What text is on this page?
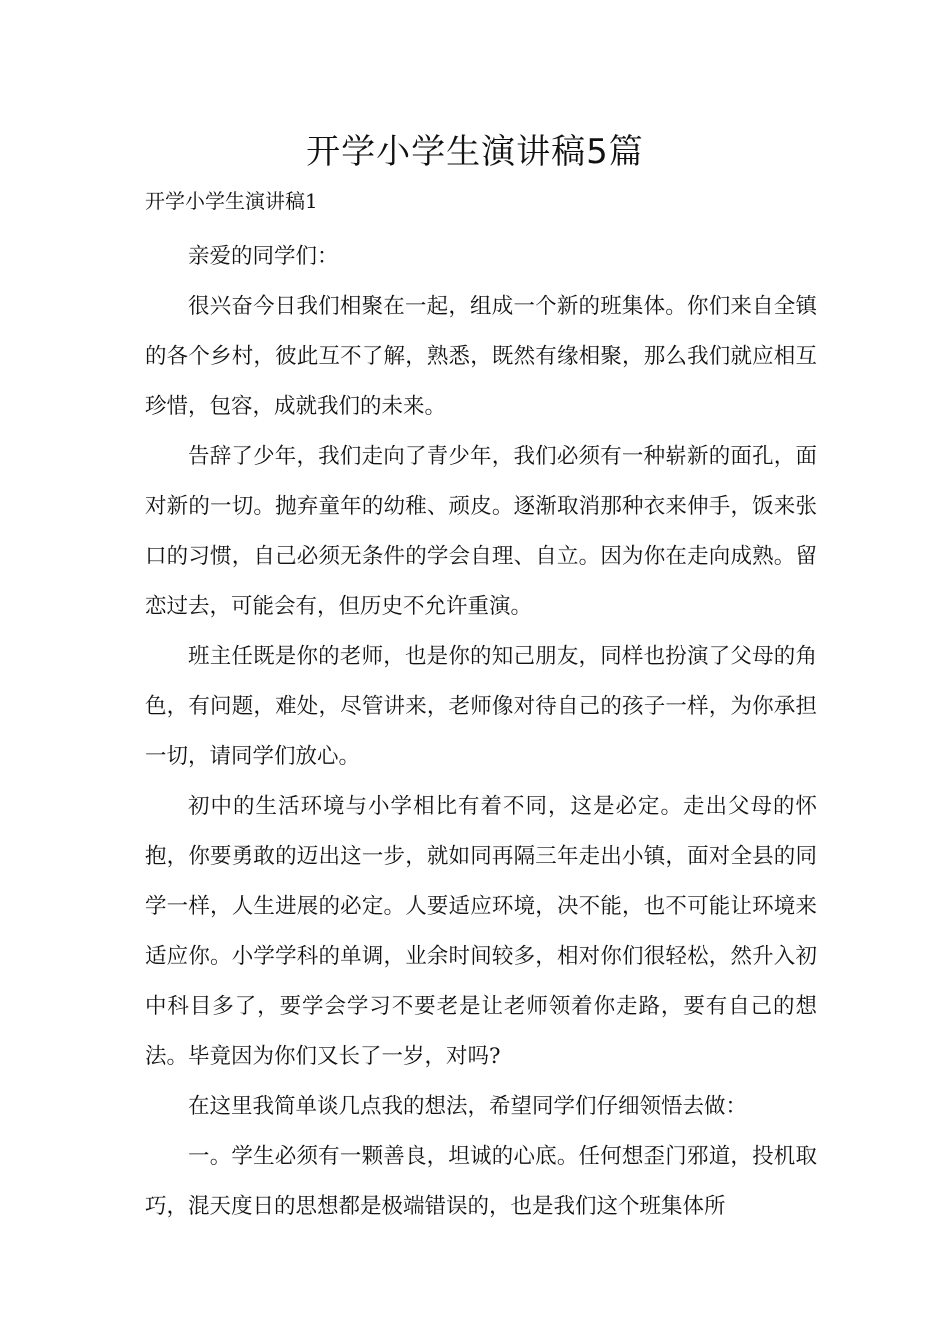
开学小学生演讲稿5篇

开学小学生演讲稿1

亲爱的同学们：

很兴奋今日我们相聚在一起，组成一个新的班集体。你们来自全镇的各个乡村，彼此互不了解，熟悉，既然有缘相聚，那么我们就应相互珍惜，包容，成就我们的未来。

告辞了少年，我们走向了青少年，我们必须有一种崭新的面孔，面对新的一切。抛弃童年的幼稚、顽皮。逐渐取消那种衣来伸手，饭来张口的习惯，自己必须无条件的学会自理、自立。因为你在走向成熟。留恋过去，可能会有，但历史不允许重演。

班主任既是你的老师，也是你的知己朋友，同样也扮演了父母的角色，有问题，难处，尽管讲来，老师像对待自己的孩子一样，为你承担一切，请同学们放心。

初中的生活环境与小学相比有着不同，这是必定。走出父母的怀抱，你要勇敢的迈出这一步，就如同再隔三年走出小镇，面对全县的同学一样，人生进展的必定。人要适应环境，决不能，也不可能让环境来适应你。小学学科的单调，业余时间较多，相对你们很轻松，然升入初中科目多了，要学会学习不要老是让老师领着你走路，要有自己的想法。毕竟因为你们又长了一岁，对吗?

在这里我简单谈几点我的想法，希望同学们仔细领悟去做：

一。学生必须有一颗善良，坦诚的心底。任何想歪门邪道，投机取巧，混天度日的思想都是极端错误的，也是我们这个班集体所
